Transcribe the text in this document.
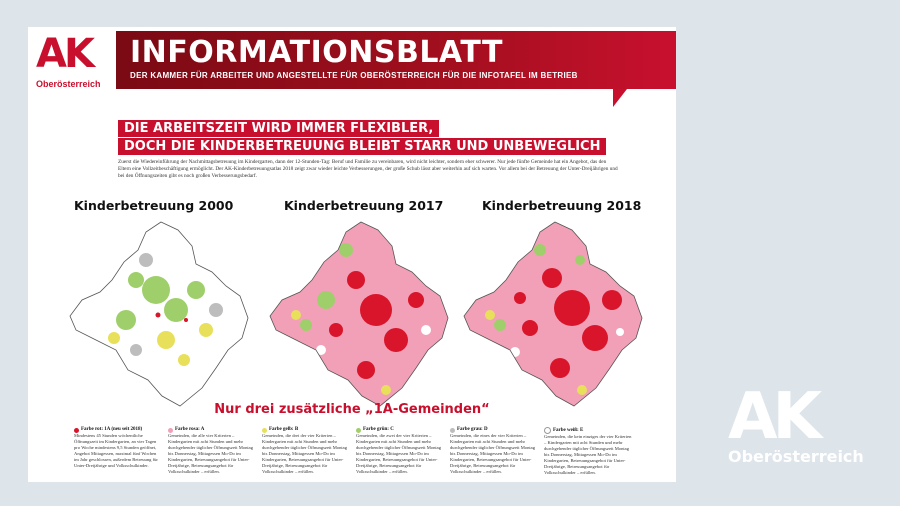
AK
Oberösterreich
INFORMATIONSBLATT
DER KAMMER FÜR ARBEITER UND ANGESTELLTE FÜR OBERÖSTERREICH FÜR DIE INFOTAFEL IM BETRIEB
DIE ARBEITSZEIT WIRD IMMER FLEXIBLER,
DOCH DIE KINDERBETREUUNG BLEIBT STARR UND UNBEWEGLICH
Zuerst die Wiedereinführung der Nachmittagsbetreuung im Kindergarten, dann der 12-Stunden-Tag: Beruf und Familie zu vereinbaren, wird nicht leichter, sondern eher schwerer. Nur jede fünfte Gemeinde hat ein Angebot, das den Eltern eine Vollzeitbeschäftigung ermöglicht. Der AK-Kinderbetreuungsatlas 2018 zeigt zwar wieder leichte Verbesserungen, der große Schub lässt aber weiterhin auf sich warten. Vor allem bei der Betreuung der Unter-Dreijährigen und bei den Öffnungszeiten gibt es noch großen Verbesserungsbedarf.
Kinderbetreuung 2000	Kinderbetreuung 2017	Kinderbetreuung 2018
Nur drei zusätzliche „1A-Gemeinden“
Farbe rot: 1A (neu seit 2018)
Mindestens 45 Stunden wöchentliche Öffnungszeit im Kindergarten, an vier Tagen pro Woche mindestens 9,5 Stunden geöffnet, Angebot Mittagessen, maximal fünf Wochen im Jahr geschlossen, außerdem Betreuung für Unter-Dreijährige und Volksschulkinder.
Farbe rosa: A
Gemeinden, die alle vier Kriterien – Kindergarten mit acht Stunden und mehr durchgehender täglicher Öffnungszeit Montag bis Donnerstag, Mittagessen Mo-Do im Kindergarten, Betreuungsangebot für Unter-Dreijährige, Betreuungsangebot für Volksschulkinder – erfüllen.
Farbe gelb: B
Gemeinden, die drei der vier Kriterien – Kindergarten mit acht Stunden und mehr durchgehender täglicher Öffnungszeit Montag bis Donnerstag, Mittagessen Mo-Do im Kindergarten, Betreuungsangebot für Unter-Dreijährige, Betreuungsangebot für Volksschulkinder – erfüllen.
Farbe grün: C
Gemeinden, die zwei der vier Kriterien – Kindergarten mit acht Stunden und mehr durchgehender täglicher Öffnungszeit Montag bis Donnerstag, Mittagessen Mo-Do im Kindergarten, Betreuungsangebot für Unter-Dreijährige, Betreuungsangebot für Volksschulkinder – erfüllen.
Farbe grau: D
Gemeinden, die eines der vier Kriterien – Kindergarten mit acht Stunden und mehr durchgehender täglicher Öffnungszeit Montag bis Donnerstag, Mittagessen Mo-Do im Kindergarten, Betreuungsangebot für Unter-Dreijährige, Betreuungsangebot für Volksschulkinder – erfüllen.
Farbe weiß: E
Gemeinden, die kein einziges der vier Kriterien – Kindergarten mit acht Stunden und mehr durchgehender täglicher Öffnungszeit Montag bis Donnerstag, Mittagessen Mo-Do im Kindergarten, Betreuungsangebot für Unter-Dreijährige, Betreuungsangebot für Volksschulkinder – erfüllen.
AK
Oberösterreich
